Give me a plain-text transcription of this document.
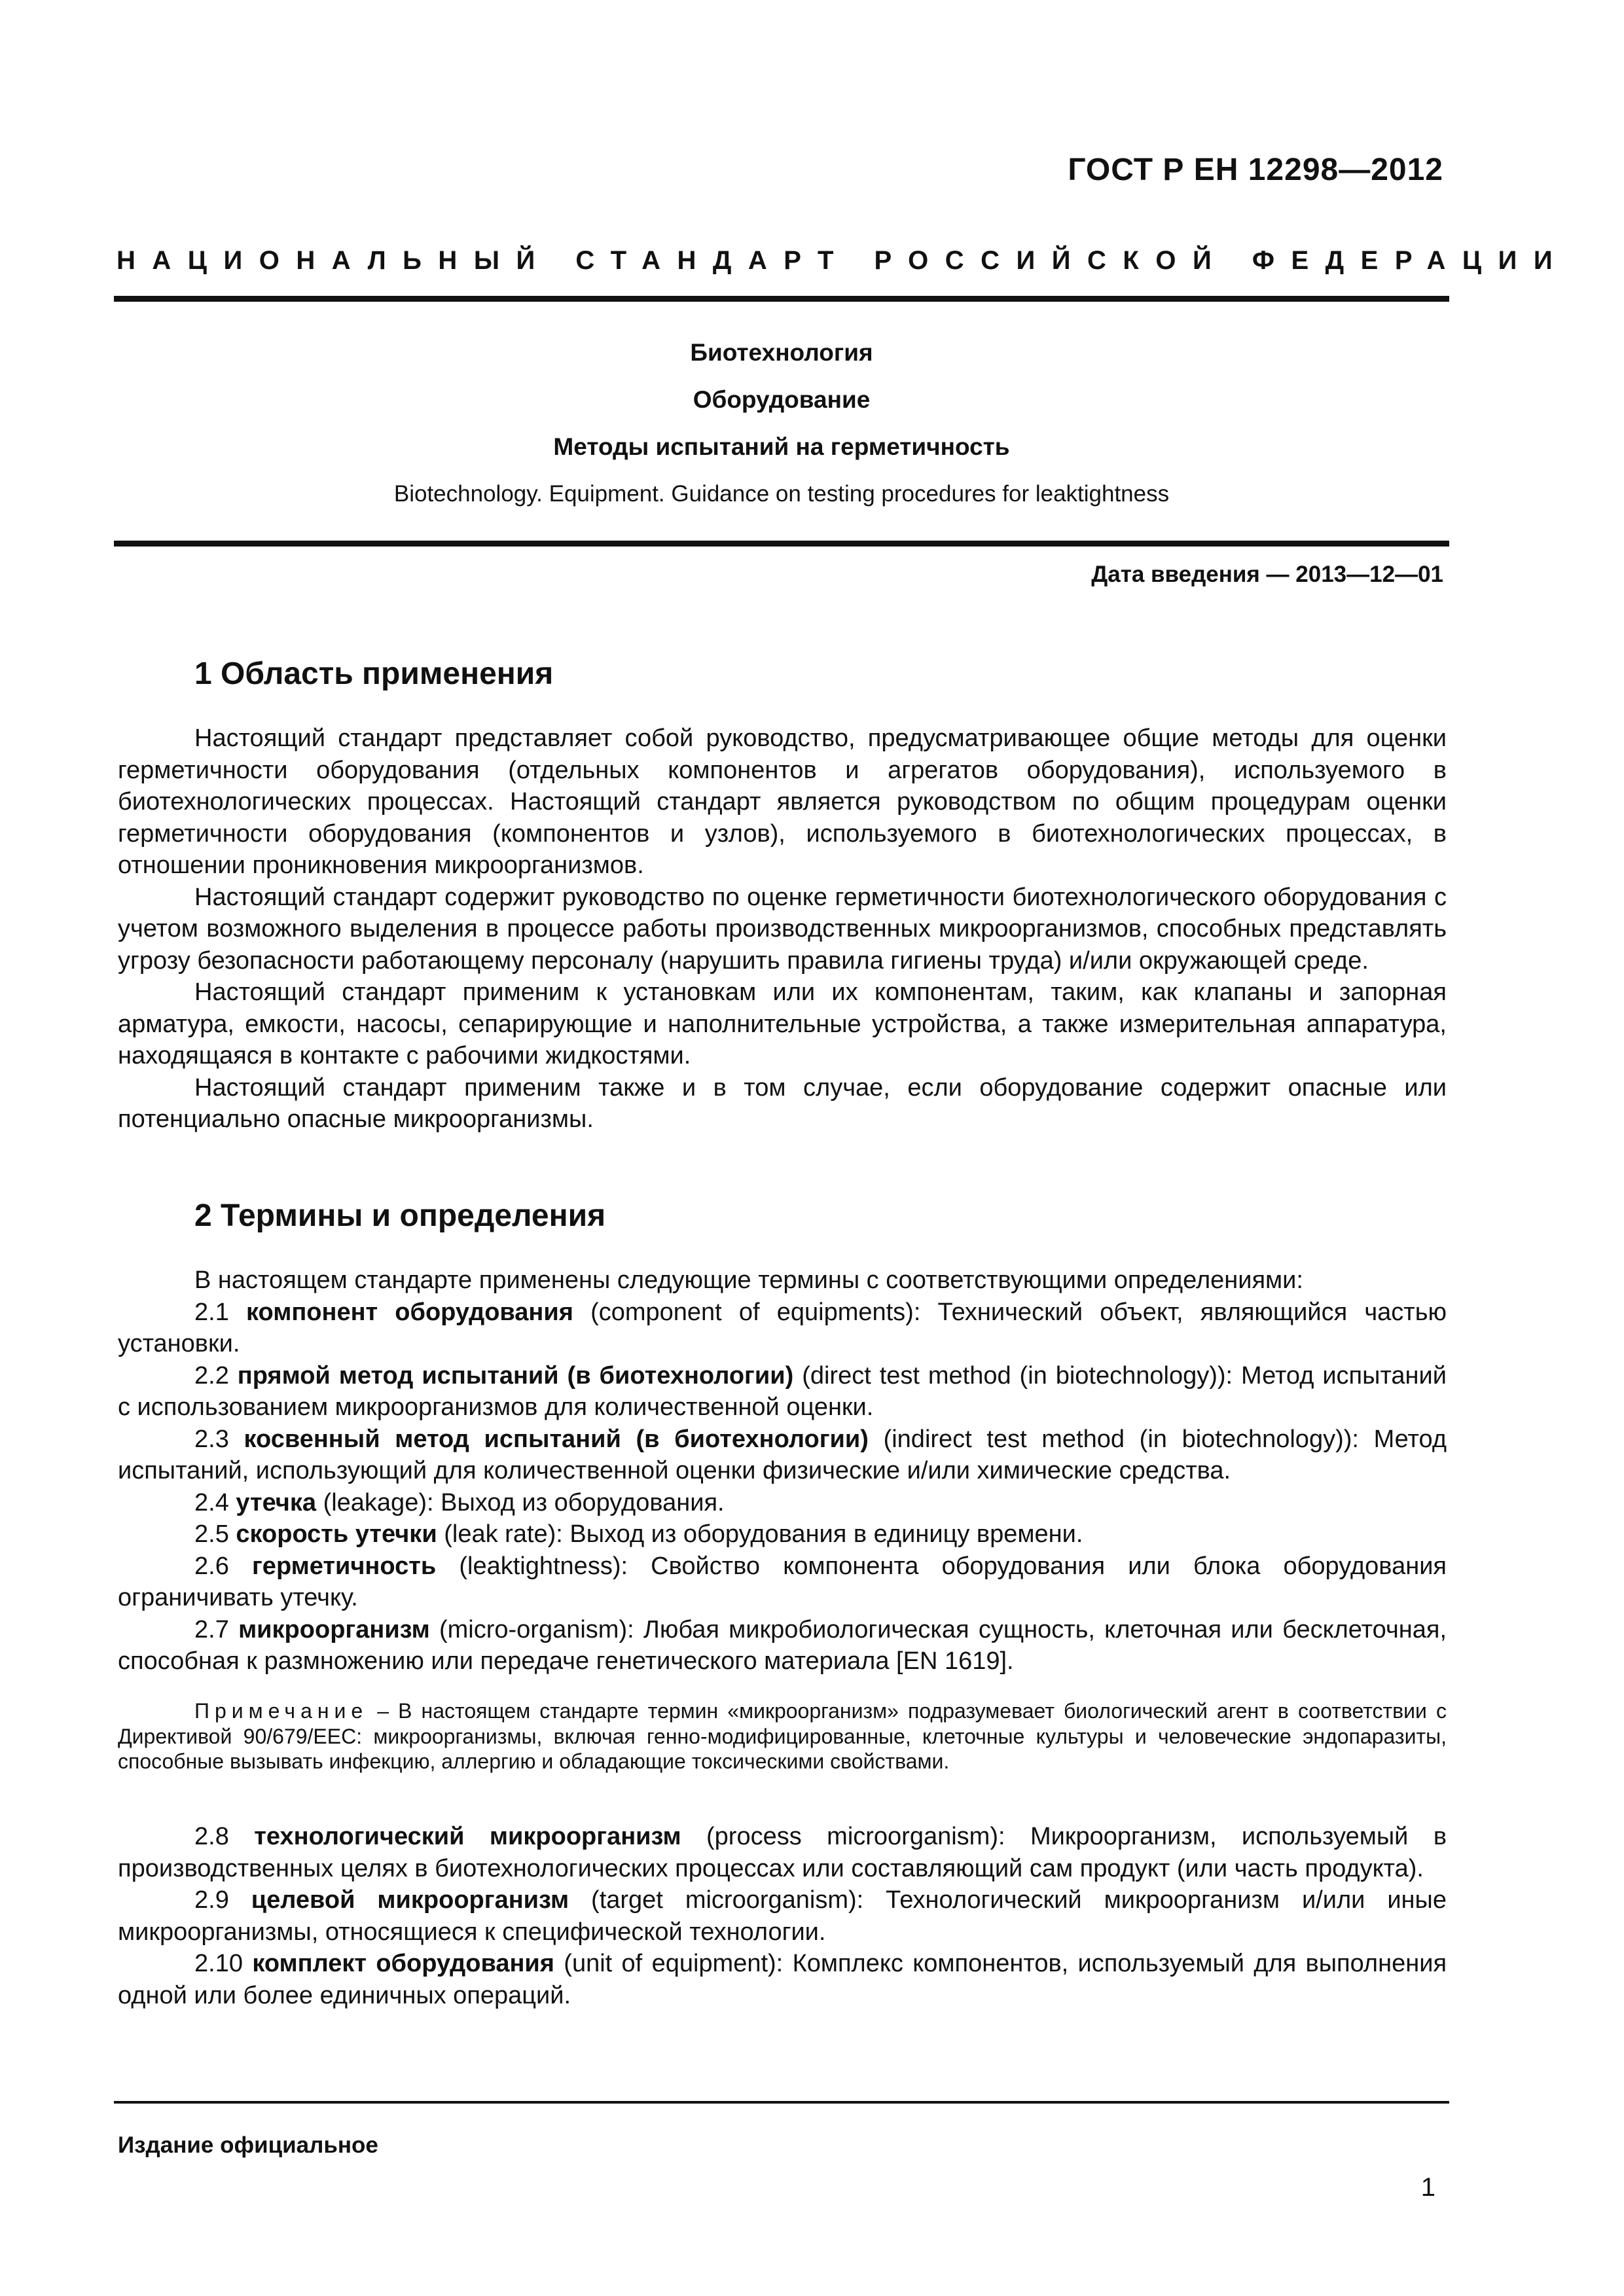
ГОСТ Р ЕН 12298—2012
НАЦИОНАЛЬНЫЙ СТАНДАРТ РОССИЙСКОЙ ФЕДЕРАЦИИ
Биотехнология
Оборудование
Методы испытаний на герметичность
Biotechnology. Equipment. Guidance on testing procedures for leaktightness
Дата введения — 2013—12—01
1 Область применения

Настоящий стандарт представляет собой руководство, предусматривающее общие методы для оценки герметичности оборудования (отдельных компонентов и агрегатов оборудования), используемого в биотехнологических процессах. Настоящий стандарт является руководством по общим процедурам оценки герметичности оборудования (компонентов и узлов), используемого в биотехнологических процессах, в отношении проникновения микроорганизмов.

Настоящий стандарт содержит руководство по оценке герметичности биотехнологического оборудования с учетом возможного выделения в процессе работы производственных микроорганизмов, способных представлять угрозу безопасности работающему персоналу (нарушить правила гигиены труда) и/или окружающей среде.

Настоящий стандарт применим к установкам или их компонентам, таким, как клапаны и запорная арматура, емкости, насосы, сепарирующие и наполнительные устройства, а также измерительная аппаратура, находящаяся в контакте с рабочими жидкостями.

Настоящий стандарт применим также и в том случае, если оборудование содержит опасные или потенциально опасные микроорганизмы.

2 Термины и определения

В настоящем стандарте применены следующие термины с соответствующими определениями:

2.1 компонент оборудования (component of equipments): Технический объект, являющийся частью установки.

2.2 прямой метод испытаний (в биотехнологии) (direct test method (in biotechnology)): Метод испытаний с использованием микроорганизмов для количественной оценки.

2.3 косвенный метод испытаний (в биотехнологии) (indirect test method (in biotechnology)): Метод испытаний, использующий для количественной оценки физические и/или химические средства.

2.4 утечка (leakage): Выход из оборудования.

2.5 скорость утечки (leak rate): Выход из оборудования в единицу времени.

2.6 герметичность (leaktightness): Свойство компонента оборудования или блока оборудования ограничивать утечку.

2.7 микроорганизм (micro-organism): Любая микробиологическая сущность, клеточная или бесклеточная, способная к размножению или передаче генетического материала [EN 1619].

Примечание – В настоящем стандарте термин «микроорганизм» подразумевает биологический агент в соответствии с Директивой 90/679/EEC: микроорганизмы, включая генно-модифицированные, клеточные культуры и человеческие эндопаразиты, способные вызывать инфекцию, аллергию и обладающие токсическими свойствами.

2.8 технологический микроорганизм (process microorganism): Микроорганизм, используемый в производственных целях в биотехнологических процессах или составляющий сам продукт (или часть продукта).

2.9 целевой микроорганизм (target microorganism): Технологический микроорганизм и/или иные микроорганизмы, относящиеся к специфической технологии.

2.10 комплект оборудования (unit of equipment): Комплекс компонентов, используемый для выполнения одной или более единичных операций.

Издание официальное
1
